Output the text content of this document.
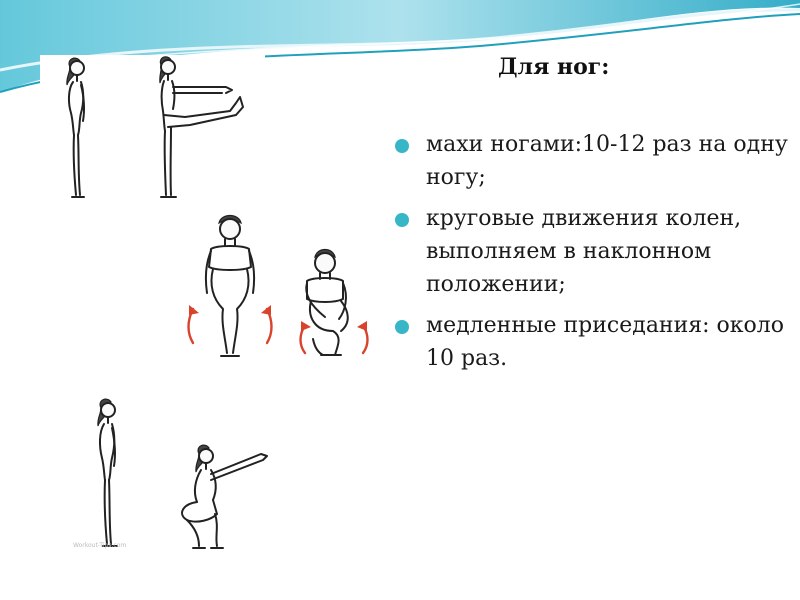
Workout-Tips.com
Для ног:
махи ногами:10-12 раз на одну ногу;
круговые движения колен, выполняем в наклонном положении;
медленные приседания: около 10 раз.
